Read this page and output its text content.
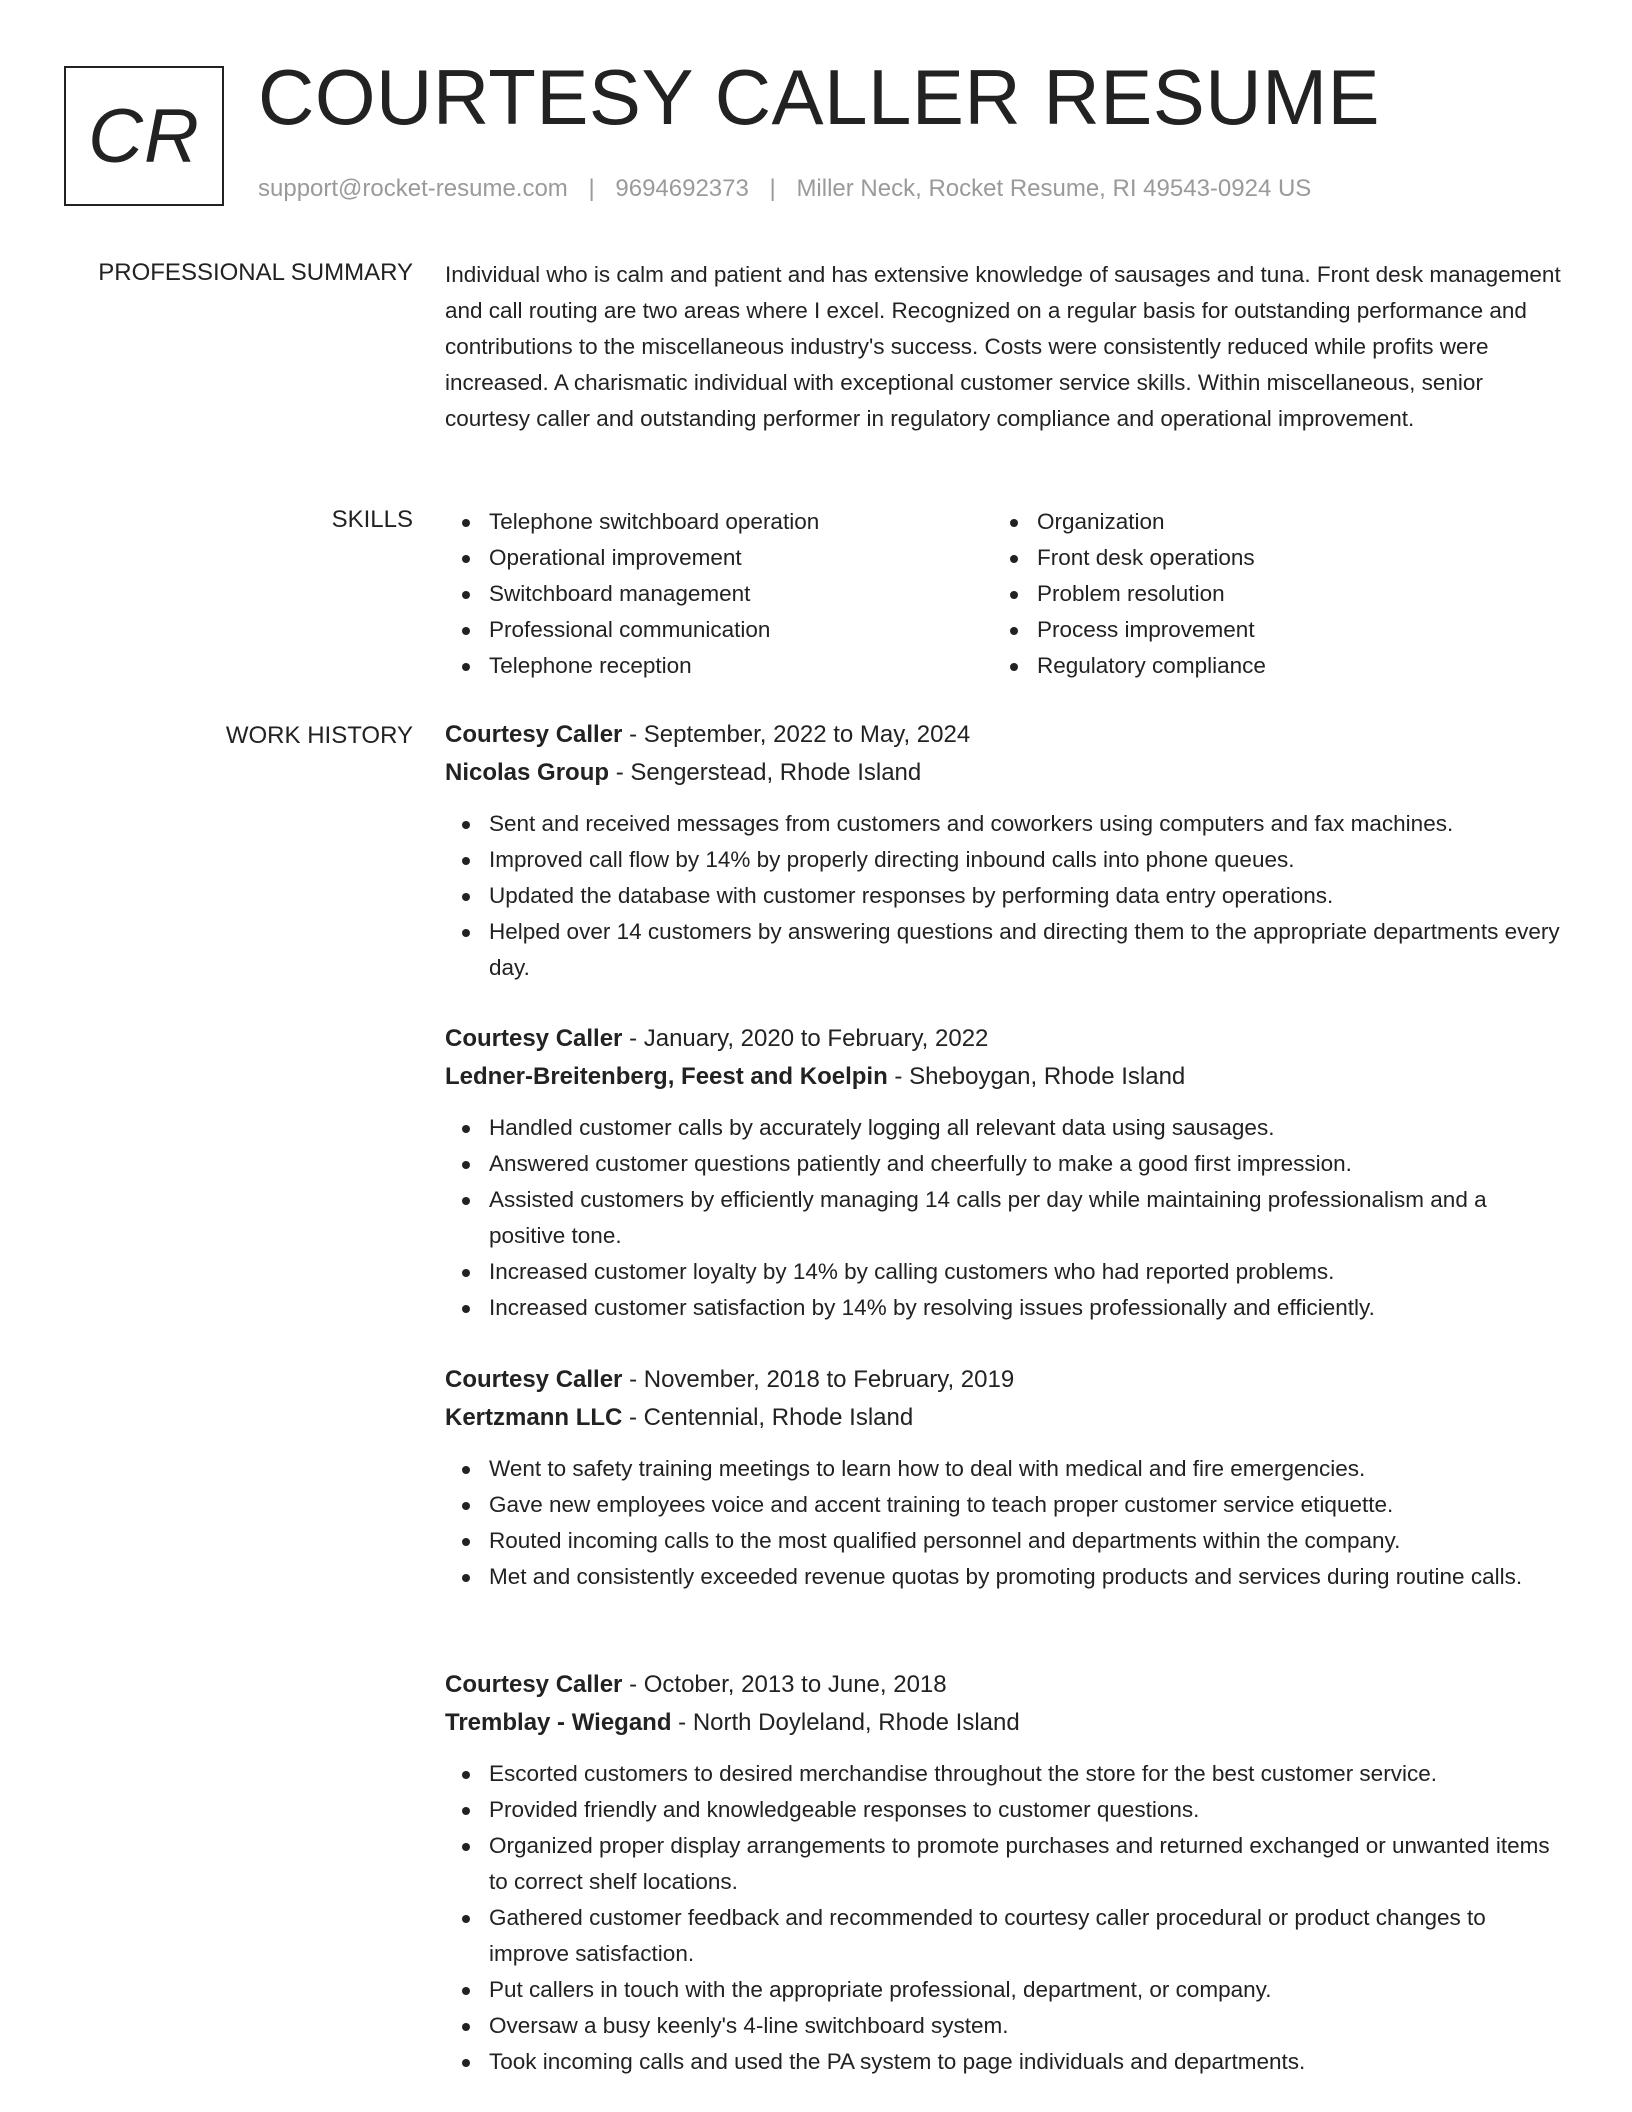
CR COURTESY CALLER RESUME
support@rocket-resume.com | 9694692373 | Miller Neck, Rocket Resume, RI 49543-0924 US
PROFESSIONAL SUMMARY Individual who is calm and patient and has extensive knowledge of sausages and tuna. Front desk management and call routing are two areas where I excel. Recognized on a regular basis for outstanding performance and contributions to the miscellaneous industry's success. Costs were consistently reduced while profits were increased. A charismatic individual with exceptional customer service skills. Within miscellaneous, senior courtesy caller and outstanding performer in regulatory compliance and operational improvement.

SKILLS	Telephone switchboard operation
Operational improvement
Switchboard management
Professional communication
Telephone reception
Organization
Front desk operations
Problem resolution
Process improvement
Regulatory compliance
WORK HISTORY Courtesy Caller - September, 2022 to May, 2024
Nicolas Group - Sengerstead, Rhode Island
Sent and received messages from customers and coworkers using computers and fax machines.
Improved call flow by 14% by properly directing inbound calls into phone queues.
Updated the database with customer responses by performing data entry operations.
Helped over 14 customers by answering questions and directing them to the appropriate departments every day.
Courtesy Caller - January, 2020 to February, 2022
Ledner-Breitenberg, Feest and Koelpin - Sheboygan, Rhode Island
Handled customer calls by accurately logging all relevant data using sausages.
Answered customer questions patiently and cheerfully to make a good first impression.
Assisted customers by efficiently managing 14 calls per day while maintaining professionalism and a positive tone.
Increased customer loyalty by 14% by calling customers who had reported problems.
Increased customer satisfaction by 14% by resolving issues professionally and efficiently.
Courtesy Caller - November, 2018 to February, 2019
Kertzmann LLC - Centennial, Rhode Island
Went to safety training meetings to learn how to deal with medical and fire emergencies.
Gave new employees voice and accent training to teach proper customer service etiquette.
Routed incoming calls to the most qualified personnel and departments within the company.
Met and consistently exceeded revenue quotas by promoting products and services during routine calls.
Courtesy Caller - October, 2013 to June, 2018
Tremblay - Wiegand - North Doyleland, Rhode Island
Escorted customers to desired merchandise throughout the store for the best customer service.
Provided friendly and knowledgeable responses to customer questions.
Organized proper display arrangements to promote purchases and returned exchanged or unwanted items to correct shelf locations.
Gathered customer feedback and recommended to courtesy caller procedural or product changes to improve satisfaction.
Put callers in touch with the appropriate professional, department, or company.
Oversaw a busy keenly's 4-line switchboard system.
Took incoming calls and used the PA system to page individuals and departments.
